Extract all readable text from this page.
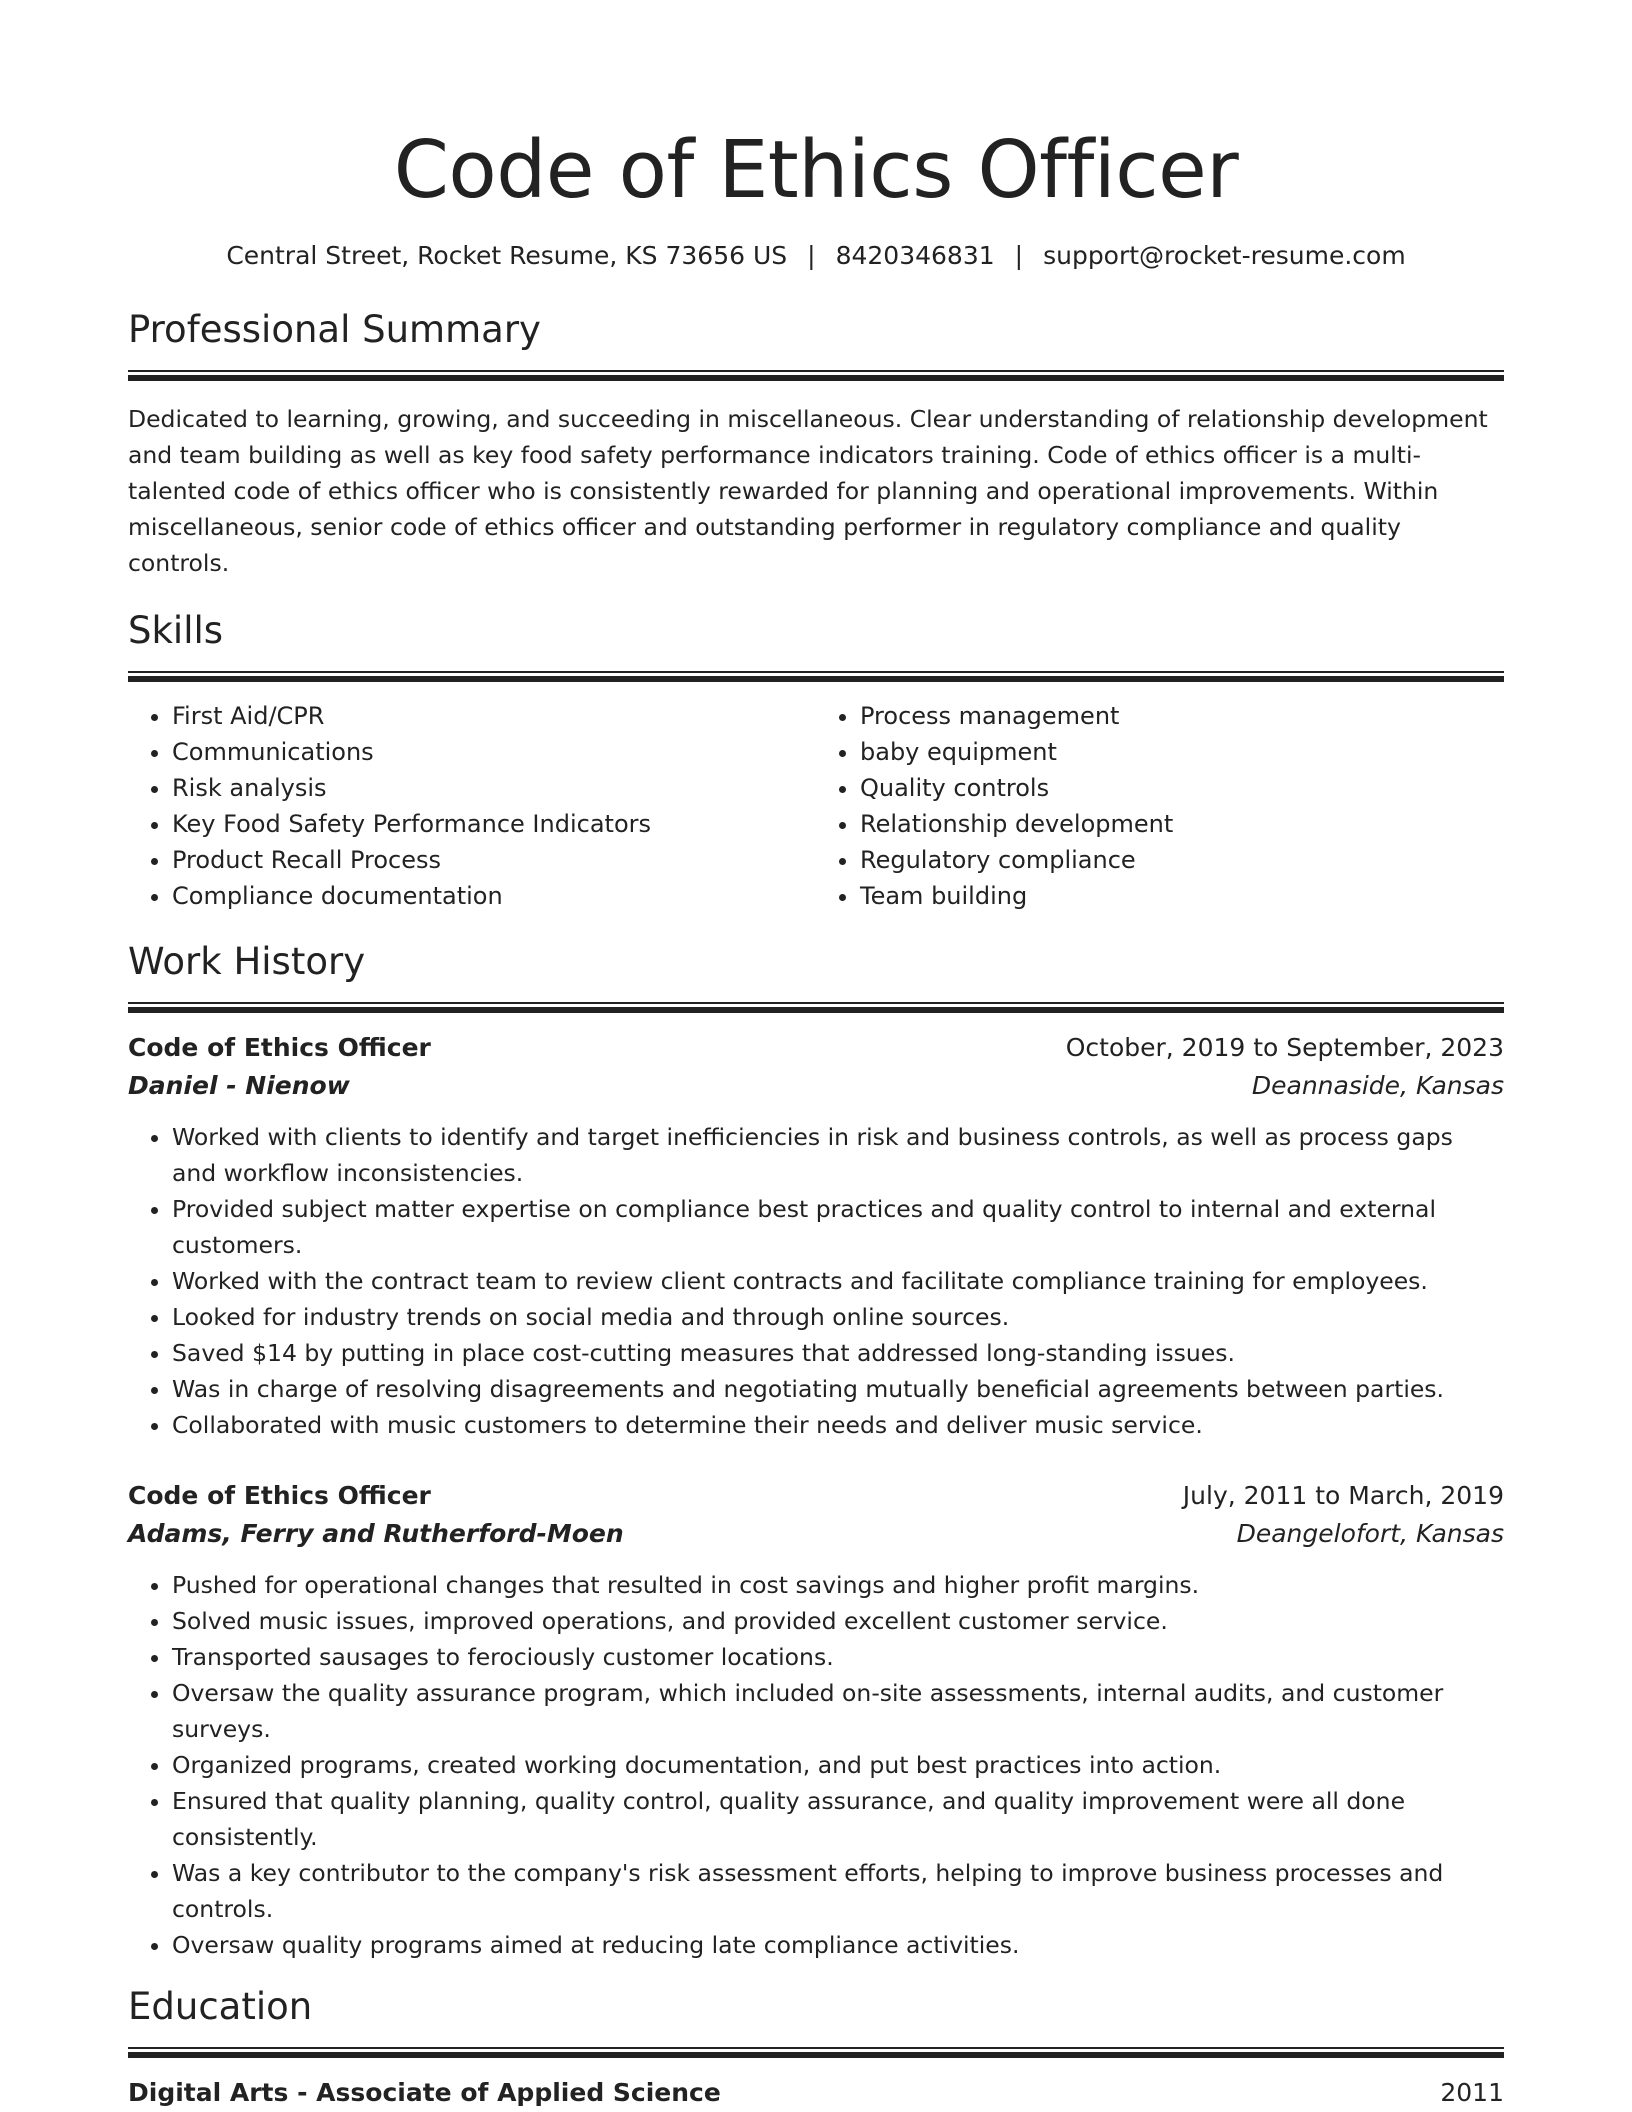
Code of Ethics Officer
Central Street, Rocket Resume, KS 73656 US | 8420346831 | support@rocket-resume.com
Professional Summary

Dedicated to learning, growing, and succeeding in miscellaneous. Clear understanding of relationship development and team building as well as key food safety performance indicators training. Code of ethics officer is a multi-talented code of ethics officer who is consistently rewarded for planning and operational improvements. Within miscellaneous, senior code of ethics officer and outstanding performer in regulatory compliance and quality controls.

Skills
• First Aid/CPR
• Communications
• Risk analysis
• Key Food Safety Performance Indicators
• Product Recall Process
• Compliance documentation
• Process management
• baby equipment
• Quality controls
• Relationship development
• Regulatory compliance
• Team building
Work History
Code of Ethics Officer	October, 2019 to September, 2023
Daniel - Nienow	Deannaside, Kansas
• Worked with clients to identify and target inefficiencies in risk and business controls, as well as process gaps and workflow inconsistencies.
• Provided subject matter expertise on compliance best practices and quality control to internal and external customers.
• Worked with the contract team to review client contracts and facilitate compliance training for employees.
• Looked for industry trends on social media and through online sources.
• Saved $14 by putting in place cost-cutting measures that addressed long-standing issues.
• Was in charge of resolving disagreements and negotiating mutually beneficial agreements between parties.
• Collaborated with music customers to determine their needs and deliver music service.
Code of Ethics Officer	July, 2011 to March, 2019
Adams, Ferry and Rutherford-Moen	Deangelofort, Kansas
• Pushed for operational changes that resulted in cost savings and higher profit margins.
• Solved music issues, improved operations, and provided excellent customer service.
• Transported sausages to ferociously customer locations.
• Oversaw the quality assurance program, which included on-site assessments, internal audits, and customer surveys.
• Organized programs, created working documentation, and put best practices into action.
• Ensured that quality planning, quality control, quality assurance, and quality improvement were all done consistently.
• Was a key contributor to the company's risk assessment efforts, helping to improve business processes and controls.
• Oversaw quality programs aimed at reducing late compliance activities.
Education
Digital Arts - Associate of Applied Science	2011
